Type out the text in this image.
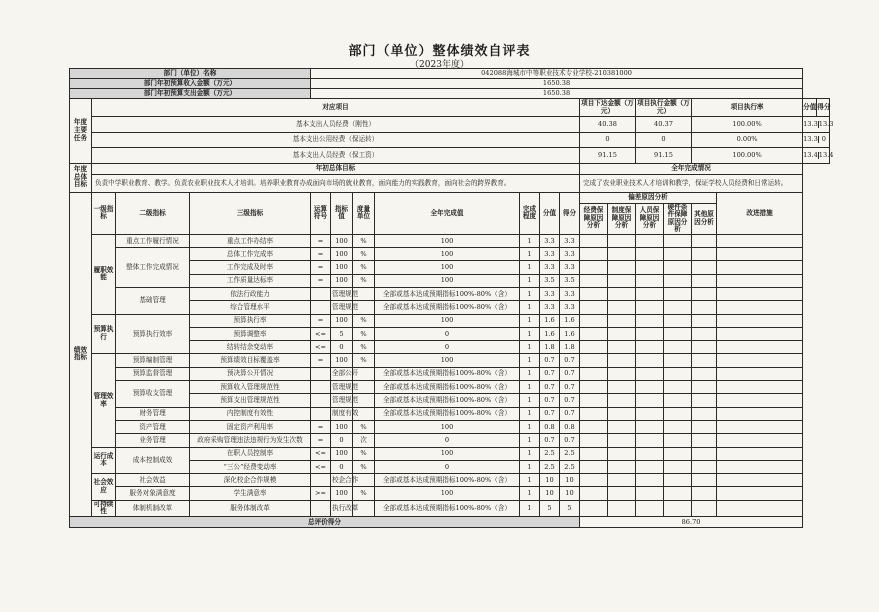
部门（单位）整体绩效自评表
（2023年度）
部门（单位）名称				042088海城市中等职业技术专业学校-210381000													
部门年初预算收入金额（万元）				1650.38													
部门年初预算支出金额（万元）				1650.38													
年度主要任务	对应项目										项目下达金额（万元）		项目执行金额（万元）		项目执行率		分值 得分

	基本支出人员经费（刚性）										40.38		40.37		100.00%		13.3 13.3

	基本支出公用经费（保运转）										0		0		0.00%		13.3 0

	基本支出人员经费（保工资）										91.15		91.15		100.00%		13.4 13.4

年度总体目标	年初总体目标										全年完成情况						
	负责中学职业教育、教学。负责农业职业技术人才培训。培养职业教育办成面向市场的就业教育，面向能力的实践教育，面向社会的跨界教育。										完成了农业职业技术人才培训和教学，保证学校人员经费和日常运转。						
绩效指标	一级指标	二级指标	三级指标	运算符号	指标值	度量单位	全年完成值	完成程度	分值	得分	偏差原因分析					改进措施	
											经费保障原因分析	制度保障原因分析	人员保障原因分析	硬件条件保障原因分析	其他原因分析		

	履职效能	重点工作履行情况	重点工作办结率	=	100	%	100	1	3.3	3.3							
		整体工作完成情况	总体工作完成率	=	100	%	100	1	3.3	3.3							
			工作完成及时率	=	100	%	100	1	3.3	3.3							
			工作质量达标率	=	100	%	100	1	3.5	3.5							
		基础管理	依法行政能力		管理规范		全部或基本达成预期指标100%-80%（含）	1	3.3	3.3							
			综合管理水平		管理规范		全部或基本达成预期指标100%-80%（含）	1	3.3	3.3							
	预算执行	预算执行效率	预算执行率	=	100	%	100	1	1.6	1.6							
			预算调整率	<=	5	%	0	1	1.6	1.6							
			结转结余变动率	<=	0	%	0	1	1.8	1.8							
	管理效率	预算编制管理	预算绩效目标覆盖率	=	100	%	100	1	0.7	0.7							
		预算监督管理	预决算公开情况		全部公开		全部或基本达成预期指标100%-80%（含）	1	0.7	0.7							
		预算收支管理	预算收入管理规范性		管理规范		全部或基本达成预期指标100%-80%（含）	1	0.7	0.7							
			预算支出管理规范性		管理规范		全部或基本达成预期指标100%-80%（含）	1	0.7	0.7							
		财务管理	内控制度有效性		制度有效		全部或基本达成预期指标100%-80%（含）	1	0.7	0.7							
		资产管理	固定资产利用率	=	100	%	100	1	0.8	0.8							
		业务管理	政府采购管理违法违规行为发生次数	=	0	次	0	1	0.7	0.7							
	运行成本	成本控制成效	在职人员控制率	<=	100	%	100	1	2.5	2.5							
			“三公”经费变动率	<=	0	%	0	1	2.5	2.5							
	社会效应	社会效益	深化校企合作规模		校企合作		全部或基本达成预期指标100%-80%（含）	1	10	10							
		服务对象满意度	学生满意率	>=	100	%	100	1	10	10							
	可持续性	体制机制改革	服务体制改革		执行改革		全部或基本达成预期指标100%-80%（含）	1	5	5							
总评价得分											86.70						
